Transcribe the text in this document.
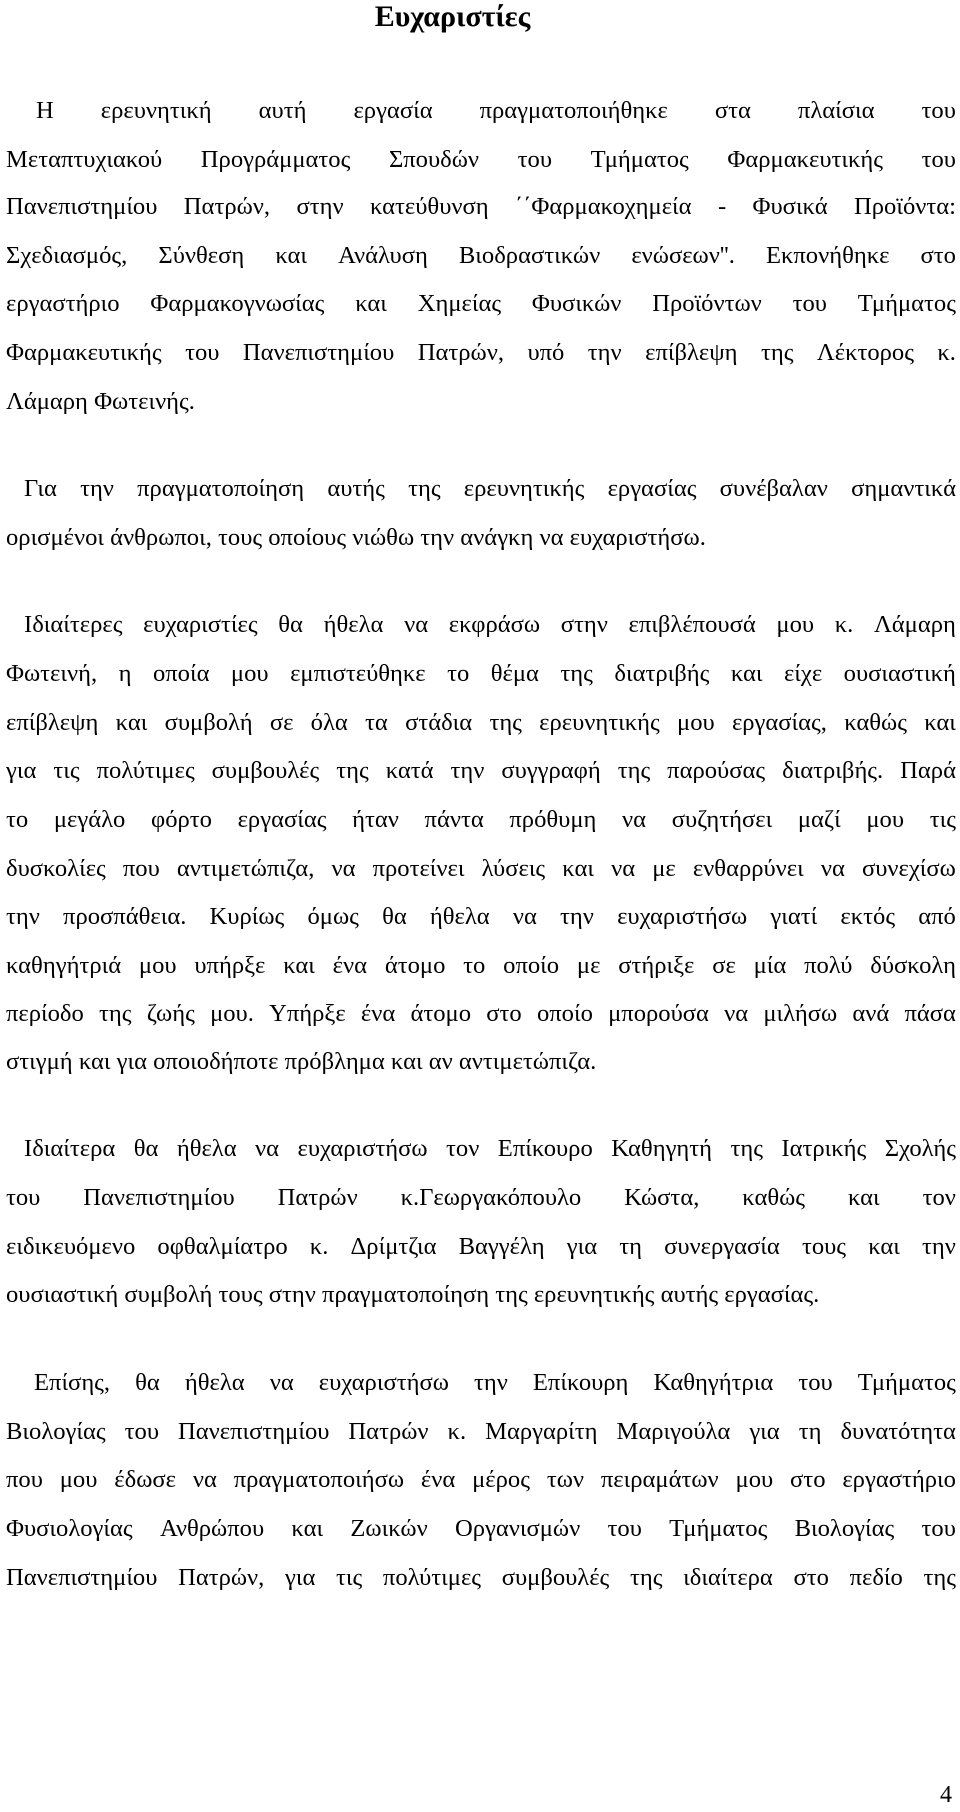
Ευχαριστίες
Η ερευνητική αυτή εργασία πραγματοποιήθηκε στα πλαίσια του
Μεταπτυχιακού Προγράμματος Σπουδών του Τμήματος Φαρμακευτικής του
Πανεπιστημίου Πατρών, στην κατεύθυνση ΄΄Φαρμακοχημεία - Φυσικά Προϊόντα:
Σχεδιασμός, Σύνθεση και Ανάλυση Βιοδραστικών ενώσεων''. Εκπονήθηκε στο
εργαστήριο Φαρμακογνωσίας και Χημείας Φυσικών Προϊόντων του Τμήματος
Φαρμακευτικής του Πανεπιστημίου Πατρών, υπό την επίβλεψη της Λέκτορος κ.
Λάμαρη Φωτεινής.
Για την πραγματοποίηση αυτής της ερευνητικής εργασίας συνέβαλαν σημαντικά
ορισμένοι άνθρωποι, τους οποίους νιώθω την ανάγκη να ευχαριστήσω.
Ιδιαίτερες ευχαριστίες θα ήθελα να εκφράσω στην επιβλέπουσά μου κ. Λάμαρη
Φωτεινή, η οποία μου εμπιστεύθηκε το θέμα της διατριβής και είχε ουσιαστική
επίβλεψη και συμβολή σε όλα τα στάδια της ερευνητικής μου εργασίας, καθώς και
για τις πολύτιμες συμβουλές της κατά την συγγραφή της παρούσας διατριβής. Παρά
το μεγάλο φόρτο εργασίας ήταν πάντα πρόθυμη να συζητήσει μαζί μου τις
δυσκολίες που αντιμετώπιζα, να προτείνει λύσεις και να με ενθαρρύνει να συνεχίσω
την προσπάθεια. Κυρίως όμως θα ήθελα να την ευχαριστήσω γιατί εκτός από
καθηγήτριά μου υπήρξε και ένα άτομο το οποίο με στήριξε σε μία πολύ δύσκολη
περίοδο της ζωής μου. Υπήρξε ένα άτομο στο οποίο μπορούσα να μιλήσω ανά πάσα
στιγμή και για οποιοδήποτε πρόβλημα και αν αντιμετώπιζα.
Ιδιαίτερα θα ήθελα να ευχαριστήσω τον Επίκουρο Καθηγητή της Ιατρικής Σχολής
του Πανεπιστημίου Πατρών κ.Γεωργακόπουλο Κώστα, καθώς και τον
ειδικευόμενο οφθαλμίατρο κ. Δρίμτζια Βαγγέλη για τη συνεργασία τους και την
ουσιαστική συμβολή τους στην πραγματοποίηση της ερευνητικής αυτής εργασίας.
Επίσης, θα ήθελα να ευχαριστήσω την Επίκουρη Καθηγήτρια του Τμήματος
Βιολογίας του Πανεπιστημίου Πατρών κ. Μαργαρίτη Μαριγούλα για τη δυνατότητα
που μου έδωσε να πραγματοποιήσω ένα μέρος των πειραμάτων μου στο εργαστήριο
Φυσιολογίας Ανθρώπου και Ζωικών Οργανισμών του Τμήματος Βιολογίας του
Πανεπιστημίου Πατρών, για τις πολύτιμες συμβουλές της ιδιαίτερα στο πεδίο της
4
